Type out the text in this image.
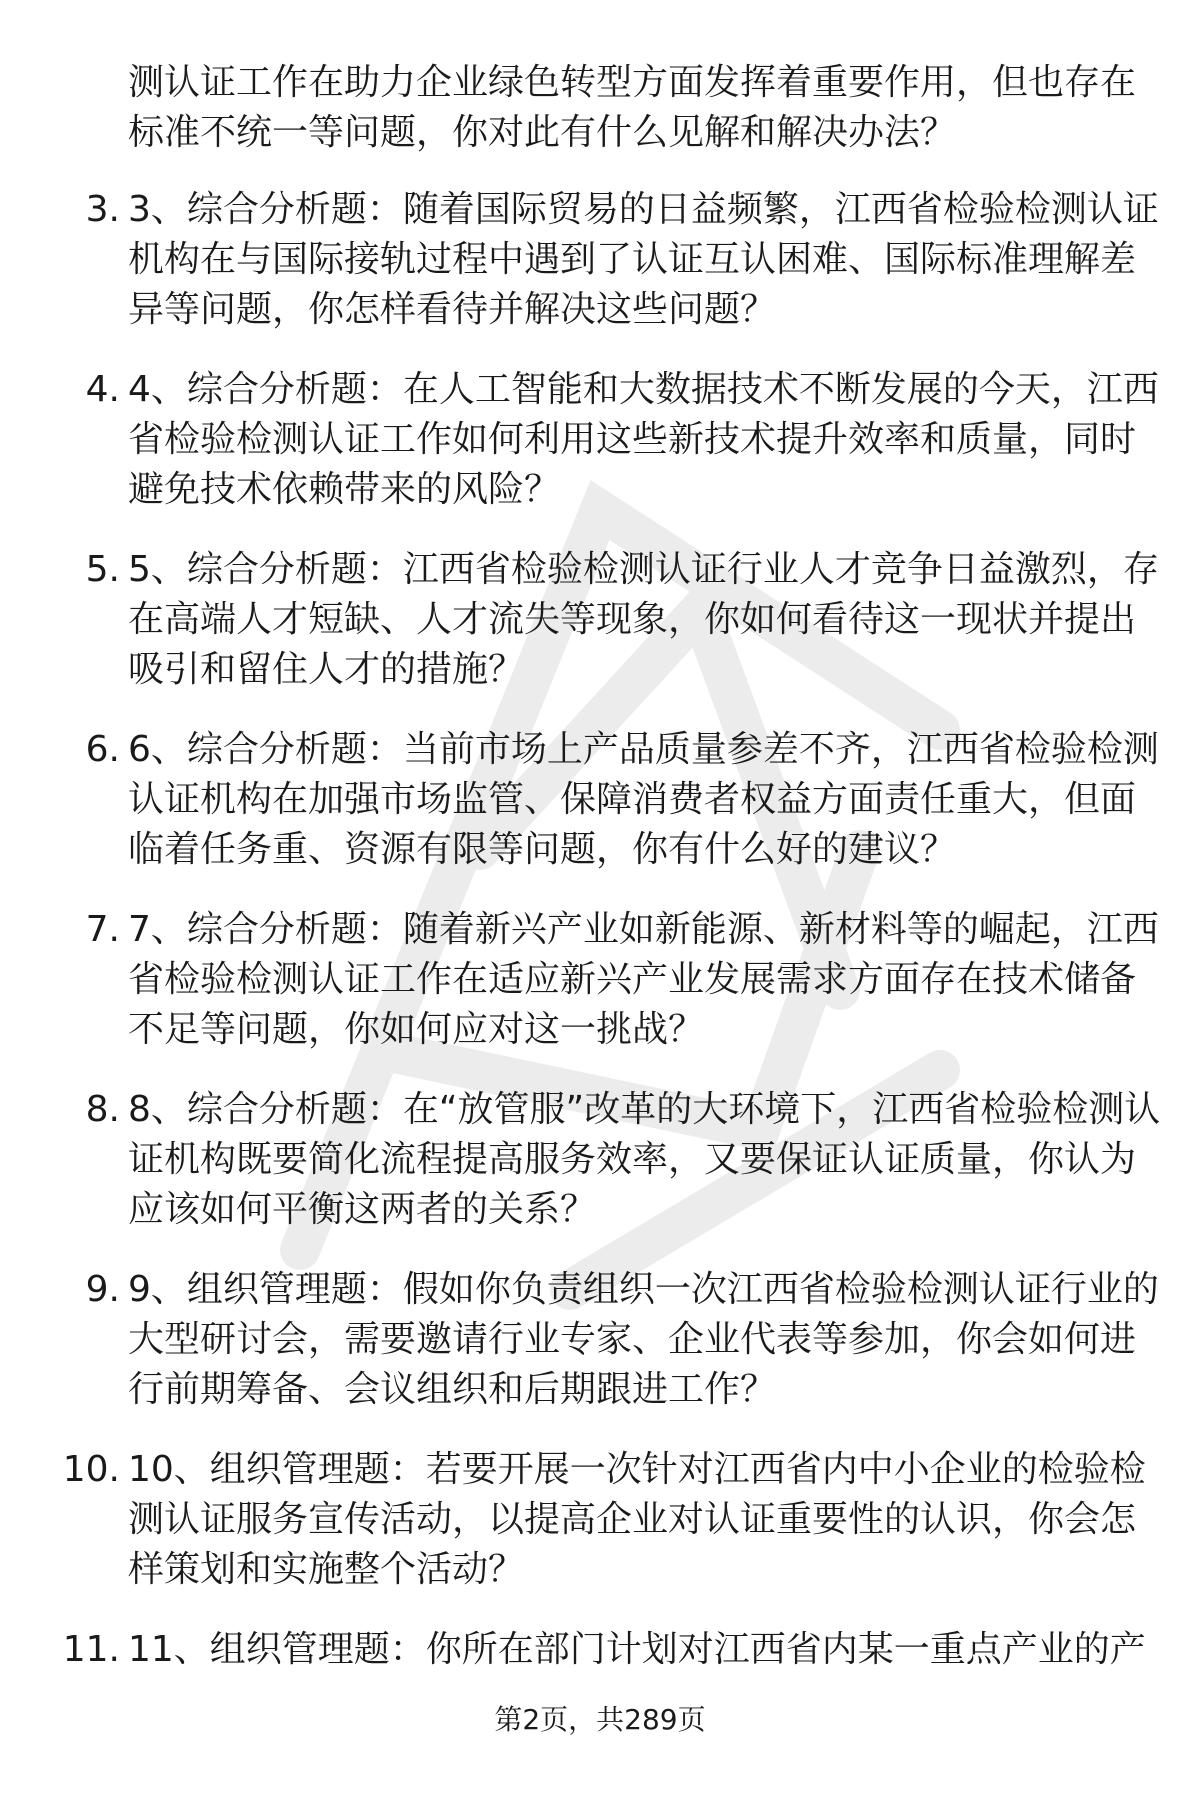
测认证工作在助力企业绿色转型方面发挥着重要作用，但也存在标准不统一等问题，你对此有什么见解和解决办法？

3. 3、综合分析题：随着国际贸易的日益频繁，江西省检验检测认证机构在与国际接轨过程中遇到了认证互认困难、国际标准理解差异等问题，你怎样看待并解决这些问题？

4. 4、综合分析题：在人工智能和大数据技术不断发展的今天，江西省检验检测认证工作如何利用这些新技术提升效率和质量，同时避免技术依赖带来的风险？

5. 5、综合分析题：江西省检验检测认证行业人才竞争日益激烈，存在高端人才短缺、人才流失等现象，你如何看待这一现状并提出吸引和留住人才的措施？

6. 6、综合分析题：当前市场上产品质量参差不齐，江西省检验检测认证机构在加强市场监管、保障消费者权益方面责任重大，但面临着任务重、资源有限等问题，你有什么好的建议？

7. 7、综合分析题：随着新兴产业如新能源、新材料等的崛起，江西省检验检测认证工作在适应新兴产业发展需求方面存在技术储备不足等问题，你如何应对这一挑战？

8. 8、综合分析题：在“放管服”改革的大环境下，江西省检验检测认证机构既要简化流程提高服务效率，又要保证认证质量，你认为应该如何平衡这两者的关系？

9. 9、组织管理题：假如你负责组织一次江西省检验检测认证行业的大型研讨会，需要邀请行业专家、企业代表等参加，你会如何进行前期筹备、会议组织和后期跟进工作？

10. 10、组织管理题：若要开展一次针对江西省内中小企业的检验检测认证服务宣传活动，以提高企业对认证重要性的认识，你会怎样策划和实施整个活动？

11. 11、组织管理题：你所在部门计划对江西省内某一重点产业的产

第2页，共289页
